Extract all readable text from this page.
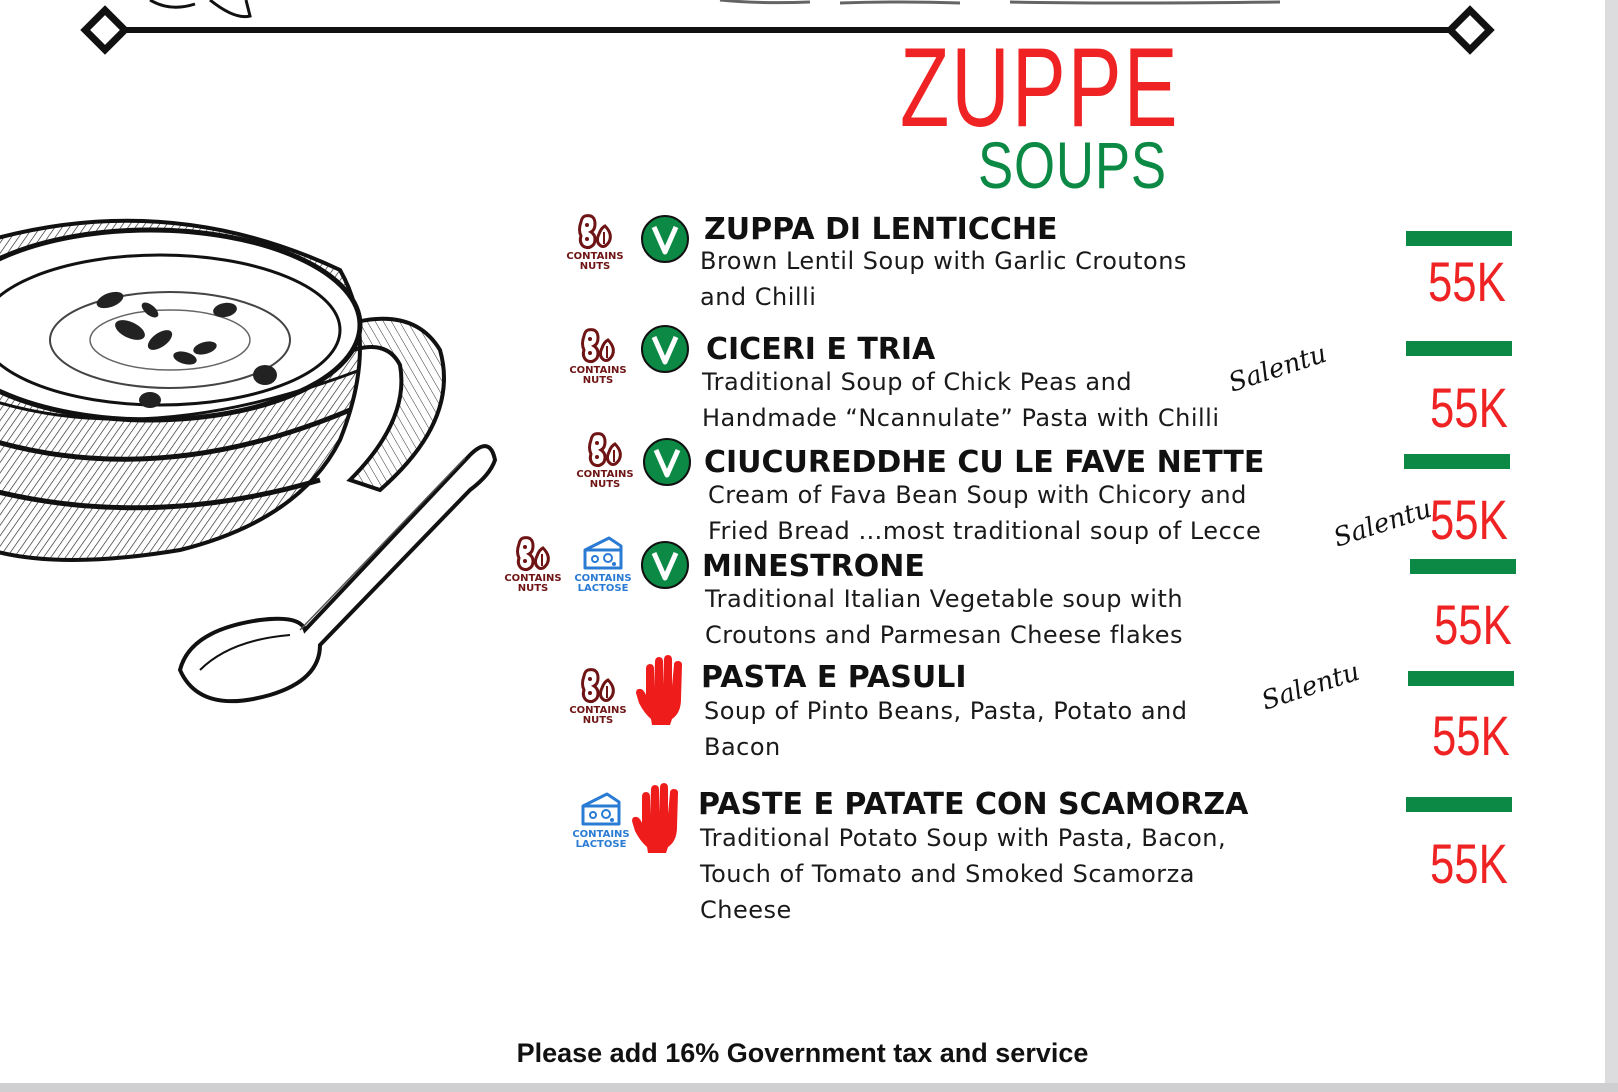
ZUPPE
SOUPS
CONTAINS
NUTS
ZUPPA DI LENTICCHE
Brown Lentil Soup with Garlic Croutons
and Chilli	55K
CONTAINS
NUTS
CICERI E TRIA
Traditional Soup of Chick Peas and
Handmade “Ncannulate” Pasta with Chilli
Salentu
55K
CONTAINS
NUTS
CIUCUREDDHE CU LE FAVE NETTE
Cream of Fava Bean Soup with Chicory and
Fried Bread …most traditional soup of Lecce	Salentu
55K
CONTAINS
NUTS
CONTAINS
LACTOSE
MINESTRONE
Traditional Italian Vegetable soup with
Croutons and Parmesan Cheese flakes	55K
CONTAINS
NUTS
PASTA E PASULI
Soup of Pinto Beans, Pasta, Potato and
Bacon
Salentu
55K
CONTAINS
LACTOSE
PASTE E PATATE CON SCAMORZA
Traditional Potato Soup with Pasta, Bacon,
Touch of Tomato and Smoked Scamorza
Cheese
55K
Please add 16% Government tax and service
